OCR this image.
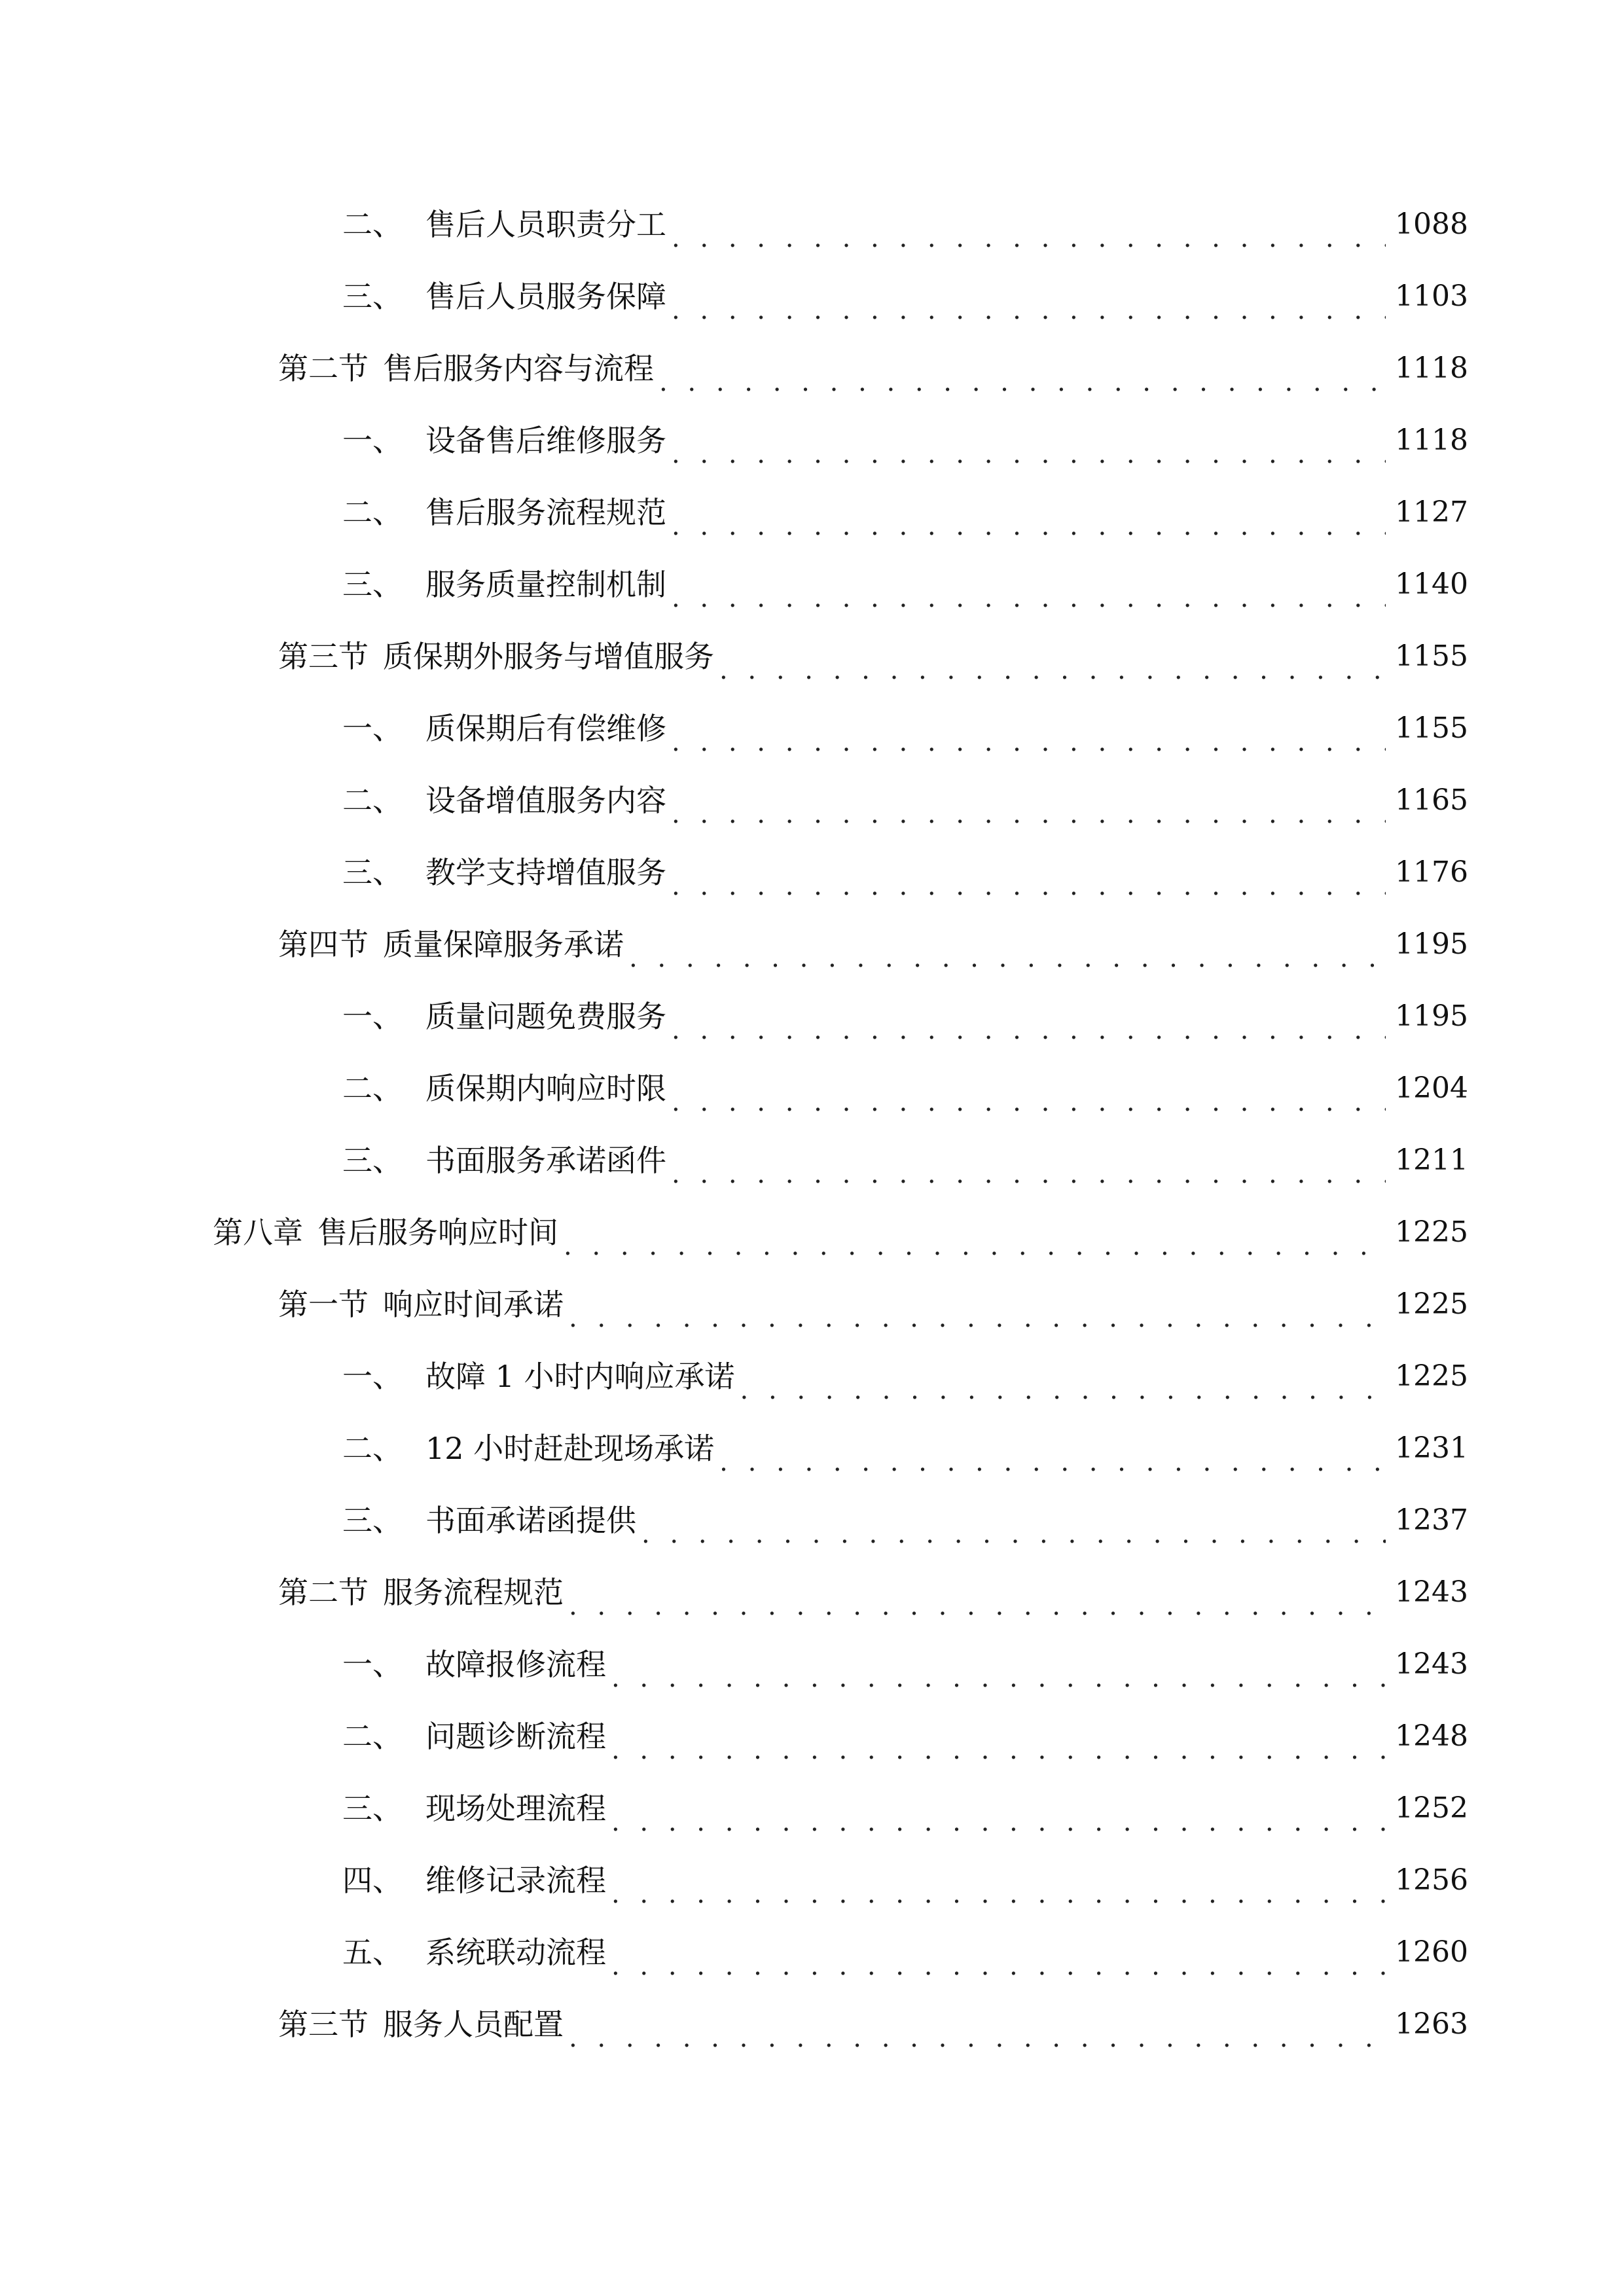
二、 售后人员职责分工 . . .	1088
三、 售后人员服务保障 . . .	1103
第二节 售后服务内容与流程 . . .	1118
一、 设备售后维修服务 . . .	1118
二、 售后服务流程规范 . . .	1127
三、 服务质量控制机制 . . .	1140
第三节 质保期外服务与增值服务 . . .	1155
一、 质保期后有偿维修 . . .	1155
二、 设备增值服务内容 . . .	1165
三、 教学支持增值服务 . . .	1176
第四节 质量保障服务承诺 . . .	1195
一、 质量问题免费服务 . . .	1195
二、 质保期内响应时限 . . .	1204
三、 书面服务承诺函件 . . .	1211
第八章 售后服务响应时间 . . .	1225
第一节 响应时间承诺 . . .	1225
一、 故障 1 小时内响应承诺 . . .	1225
二、 12 小时赶赴现场承诺 . . .	1231
三、 书面承诺函提供 . . .	1237
第二节 服务流程规范 . . .	1243
一、 故障报修流程 . . .	1243
二、 问题诊断流程 . . .	1248
三、 现场处理流程 . . .	1252
四、 维修记录流程 . . .	1256
五、 系统联动流程 . . .	1260
第三节 服务人员配置 . . .	1263
